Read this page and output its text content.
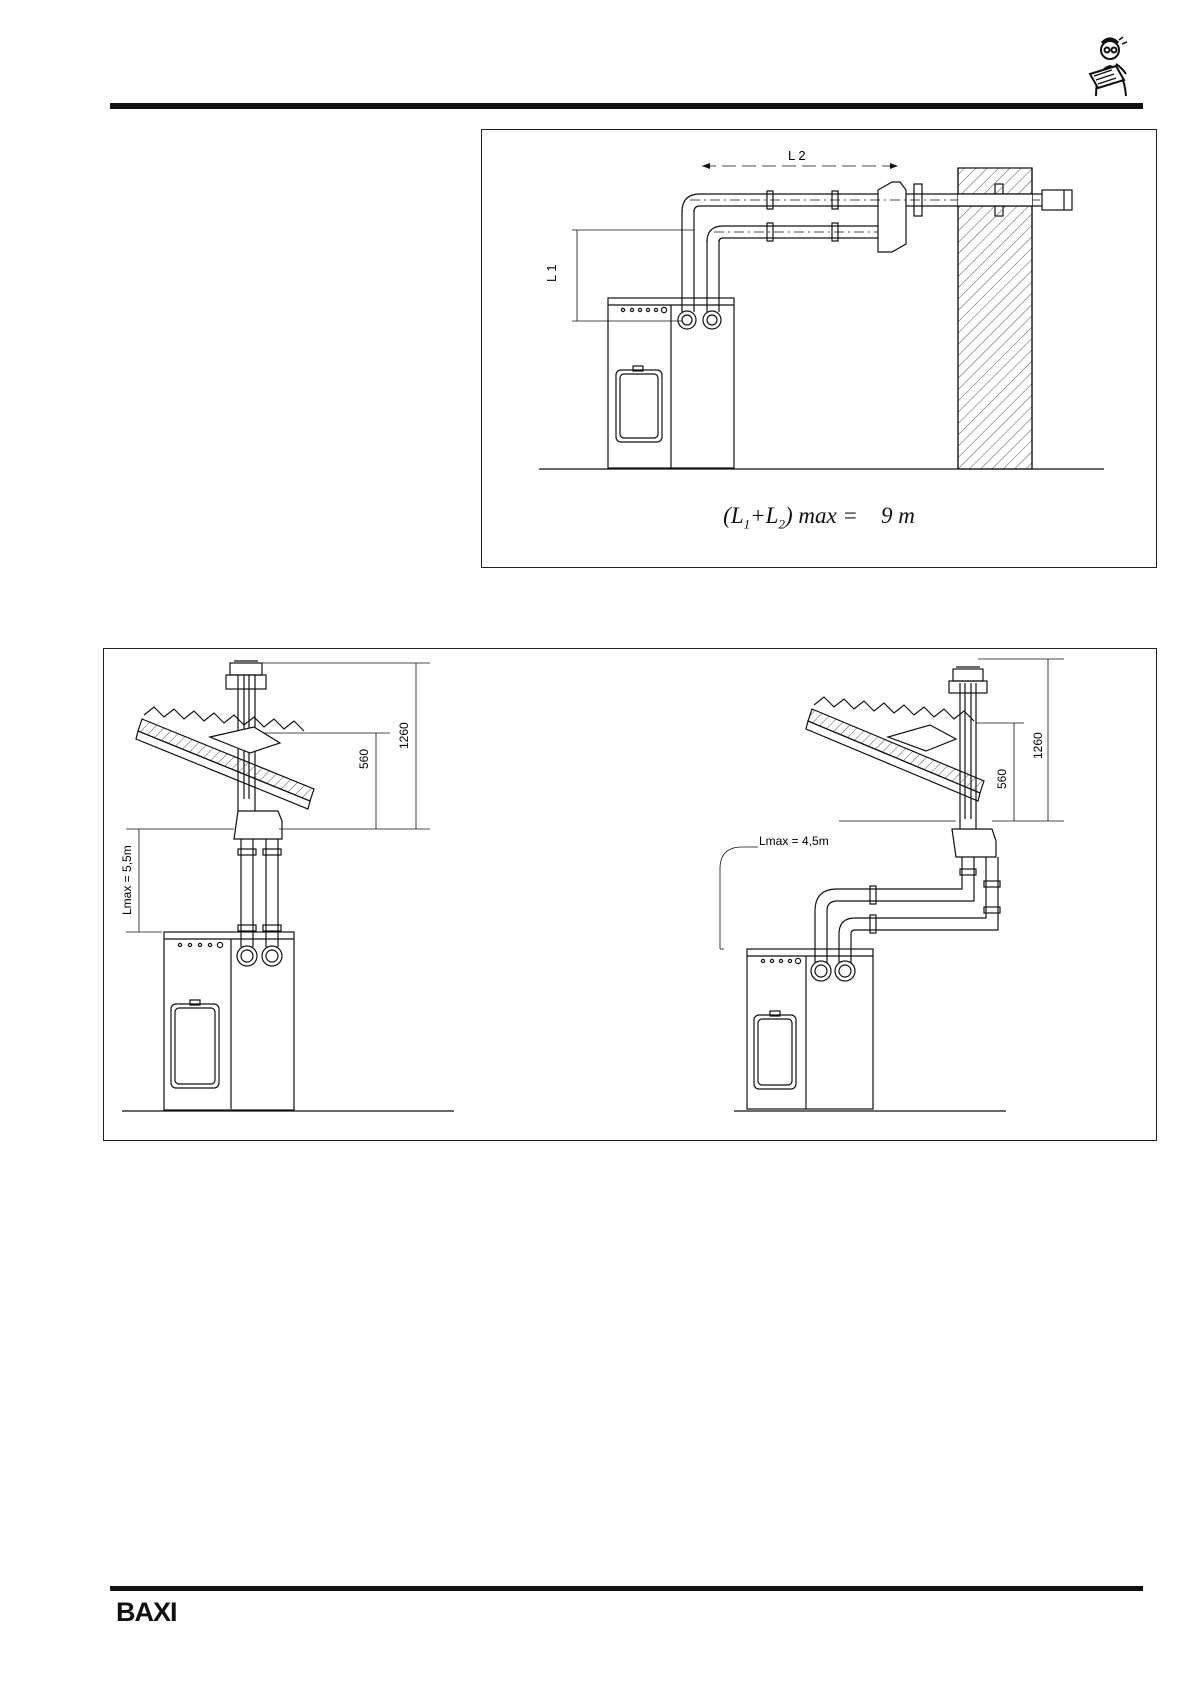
L 1
L 2
$(L_1+L_2) \max = 9$ m
560
1260
Lmax = 5,5m
560
1260
Lmax = 4,5m
BAXI
